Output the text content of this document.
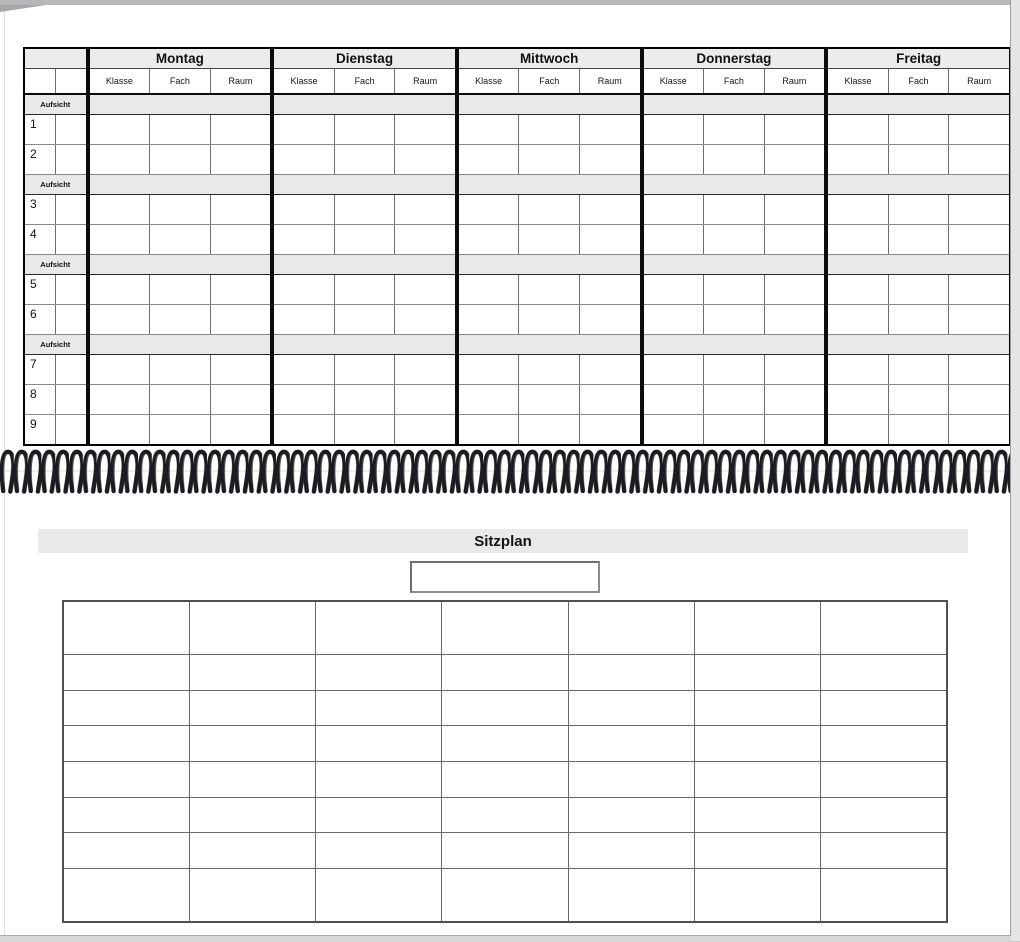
		Montag			Dienstag			Mittwoch			Donnerstag			Freitag		
		Klasse	Fach	Raum	Klasse	Fach	Raum	Klasse	Fach	Raum	Klasse	Fach	Raum	Klasse	Fach	Raum
Aufsicht																
1																
2																
Aufsicht																
3																
4																
Aufsicht																
5																
6																
Aufsicht																
7																
8																
9																
Sitzplan
